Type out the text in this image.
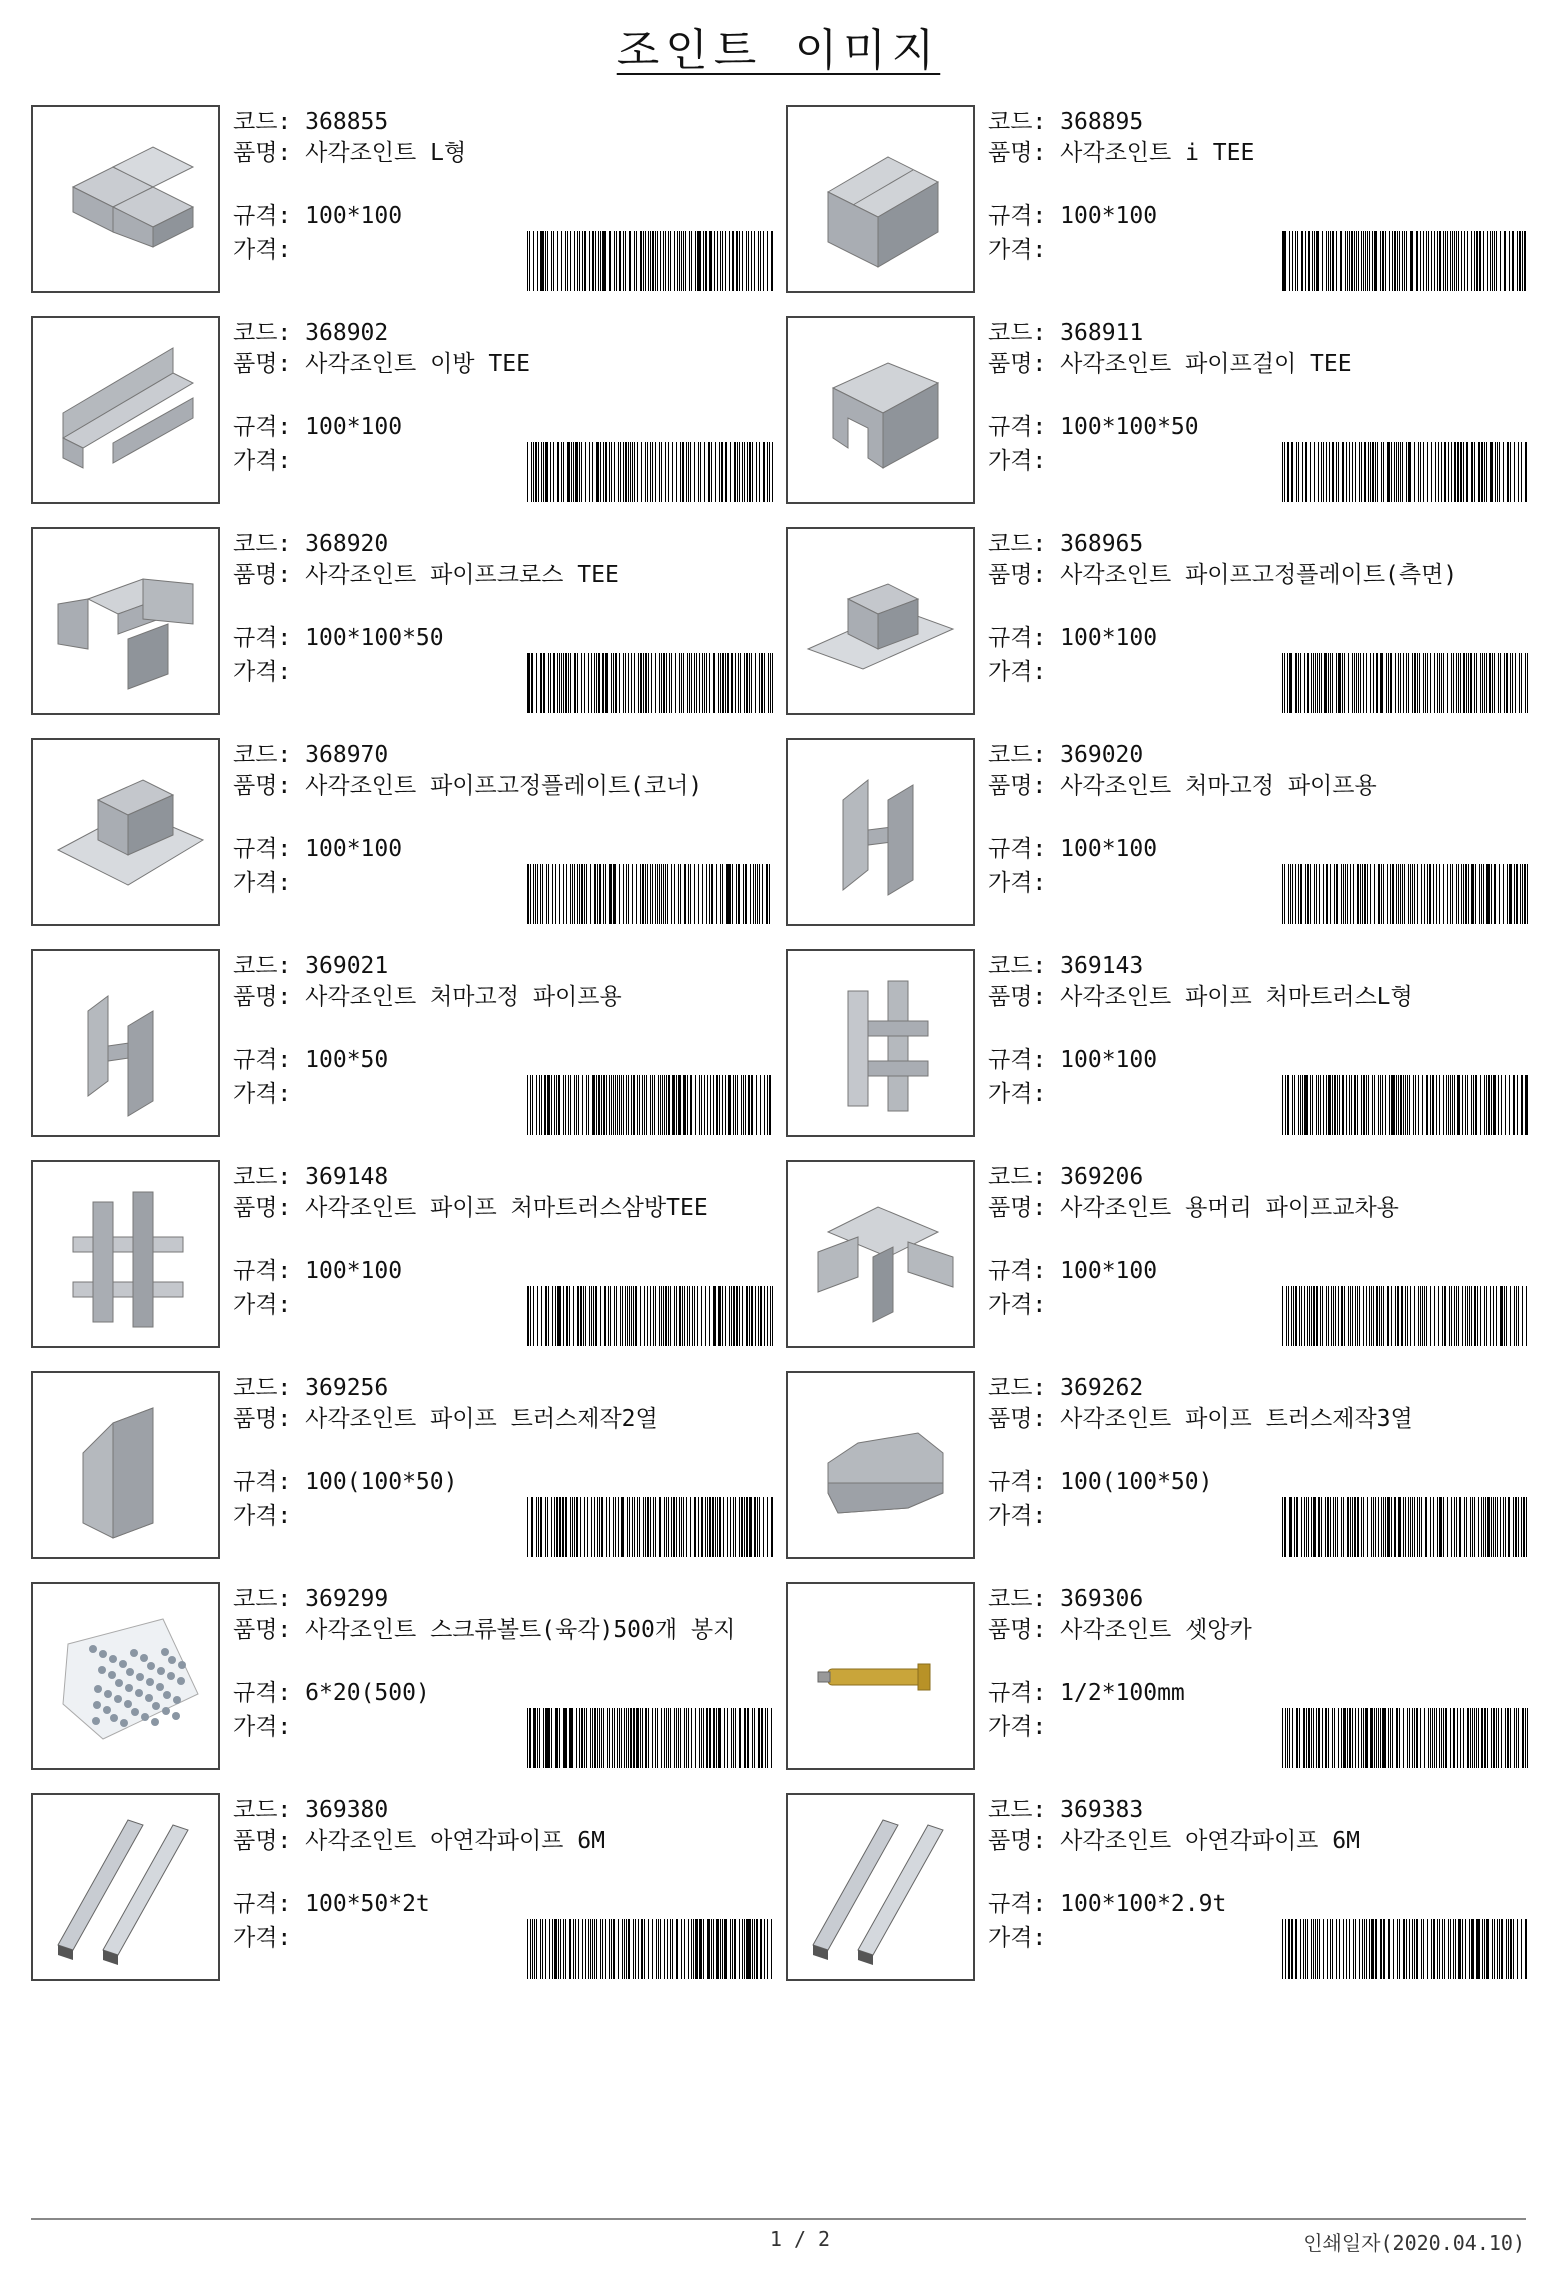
조인트 이미지
코드: 368855
품명:
사각조인트 L형
규격: 100*100
가격:
코드: 368895
품명:
사각조인트 i TEE
규격: 100*100
가격:
코드: 368902
품명:
사각조인트 이방 TEE
규격: 100*100
가격:
코드: 368911
품명:
사각조인트 파이프걸이 TEE
규격: 100*100*50
가격:
코드: 368920
품명:
사각조인트 파이프크로스 TEE
규격: 100*100*50
가격:
코드: 368965
품명:
사각조인트 파이프고정플레이트(측면)
규격: 100*100
가격:
코드: 368970
품명:
사각조인트 파이프고정플레이트(코너)
규격: 100*100
가격:
코드: 369020
품명:
사각조인트 처마고정 파이프용
규격: 100*100
가격:
코드: 369021
품명:
사각조인트 처마고정 파이프용
규격: 100*50
가격:
코드: 369143
품명:
사각조인트 파이프 처마트러스L형
규격: 100*100
가격:
코드: 369148
품명:
사각조인트 파이프 처마트러스삼방TEE
규격: 100*100
가격:
코드: 369206
품명:
사각조인트 용머리 파이프교차용
규격: 100*100
가격:
코드: 369256
품명:
사각조인트 파이프 트러스제작2열
규격: 100(100*50)
가격:
코드: 369262
품명:
사각조인트 파이프 트러스제작3열
규격: 100(100*50)
가격:
코드: 369299
품명:
사각조인트 스크류볼트(육각)500개 봉지
규격: 6*20(500)
가격:
코드: 369306
품명:
사각조인트 셋앙카
규격: 1/2*100mm
가격:
코드: 369380
품명:
사각조인트 아연각파이프 6M
규격: 100*50*2t
가격:
코드: 369383
품명:
사각조인트 아연각파이프 6M
규격: 100*100*2.9t
가격:
1 / 2	인쇄일자(2020.04.10)
